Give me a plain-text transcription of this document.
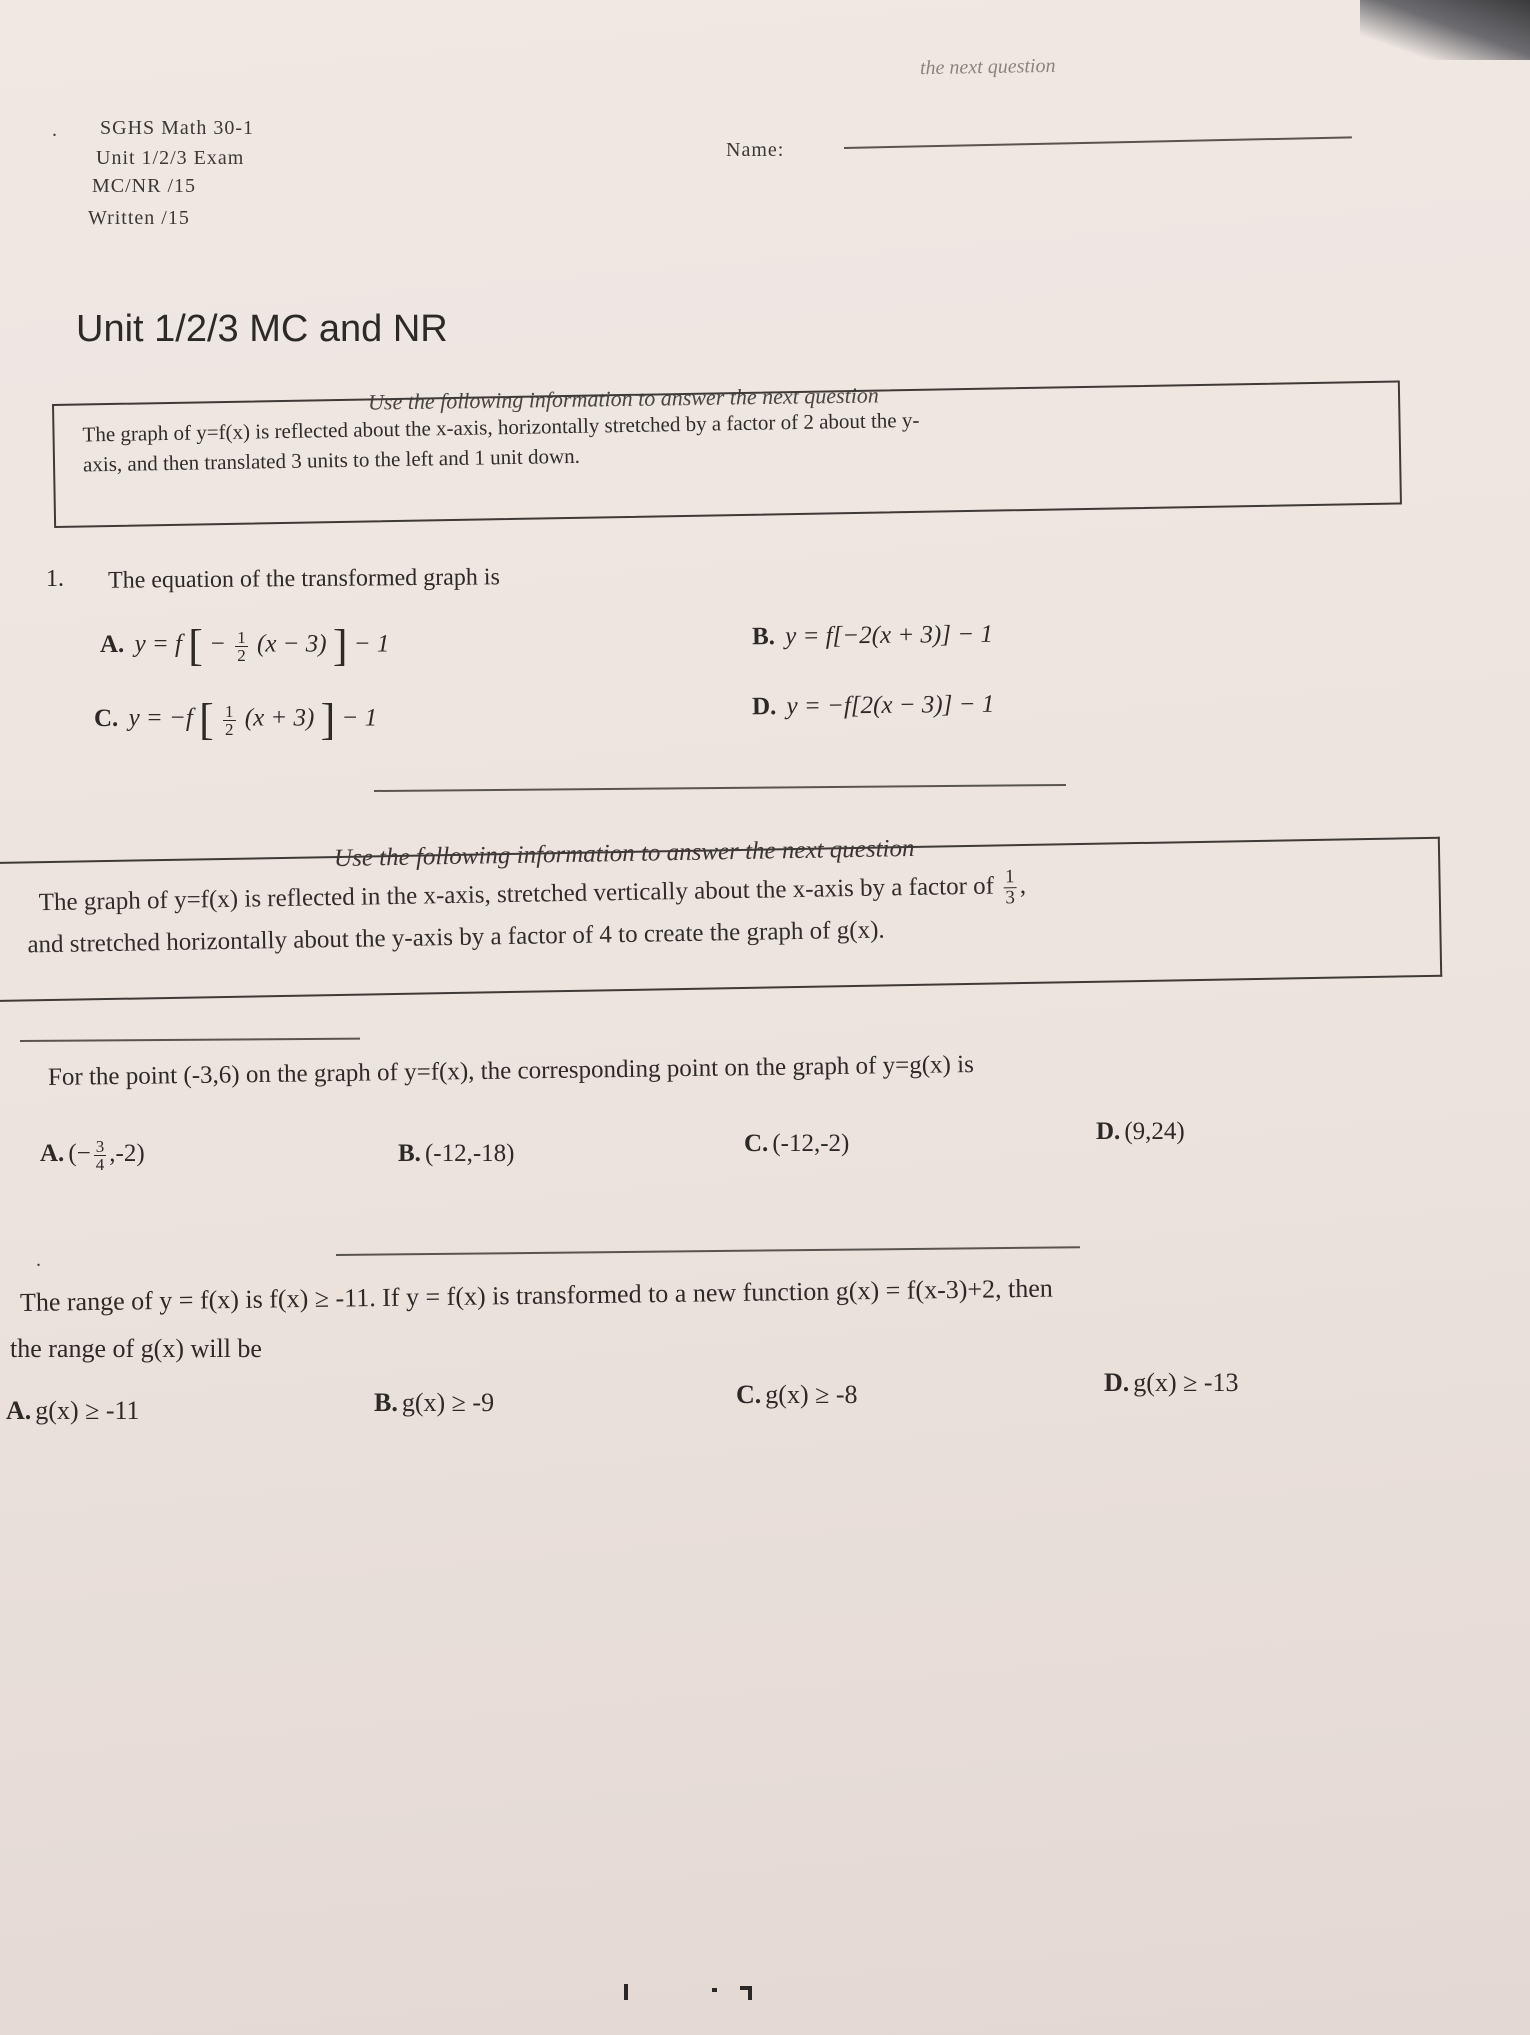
the next question
. SGHS Math 30-1
Unit 1/2/3 Exam
MC/NR /15
Written /15
Name:
Unit 1/2/3 MC and NR
Use the following information to answer the next question
The graph of y=f(x) is reflected about the x-axis, horizontally stretched by a factor of 2 about the y-
axis, and then translated 3 units to the left and 1 unit down.
1. The equation of the transformed graph is
A. y = f [ − $\frac{1}{2} (x - 3)$ ] − 1	B. y = f[−2(x + 3)] − 1
C. y = −f [ $\frac{1}{2} (x + 3)$ ] − 1	D. y = −f[2(x − 3)] − 1
Use the following information to answer the next question
The graph of y=f(x) is reflected in the x-axis, stretched vertically about the x-axis by a factor of $\frac{1}{3}$ ,
and stretched horizontally about the y-axis by a factor of 4 to create the graph of g(x).
For the point (-3,6) on the graph of y=f(x), the corresponding point on the graph of y=g(x) is
A. (− $\frac{3}{4} ,-2$)	B. (-12,-18)	C. (-12,-2)	D. (9,24)
.
The range of y = f(x) is f(x) ≥ -11. If y = f(x) is transformed to a new function g(x) = f(x-3)+2, then
the range of g(x) will be
A. g(x) ≥ -11	B. g(x) ≥ -9	C. g(x) ≥ -8	D. g(x) ≥ -13
